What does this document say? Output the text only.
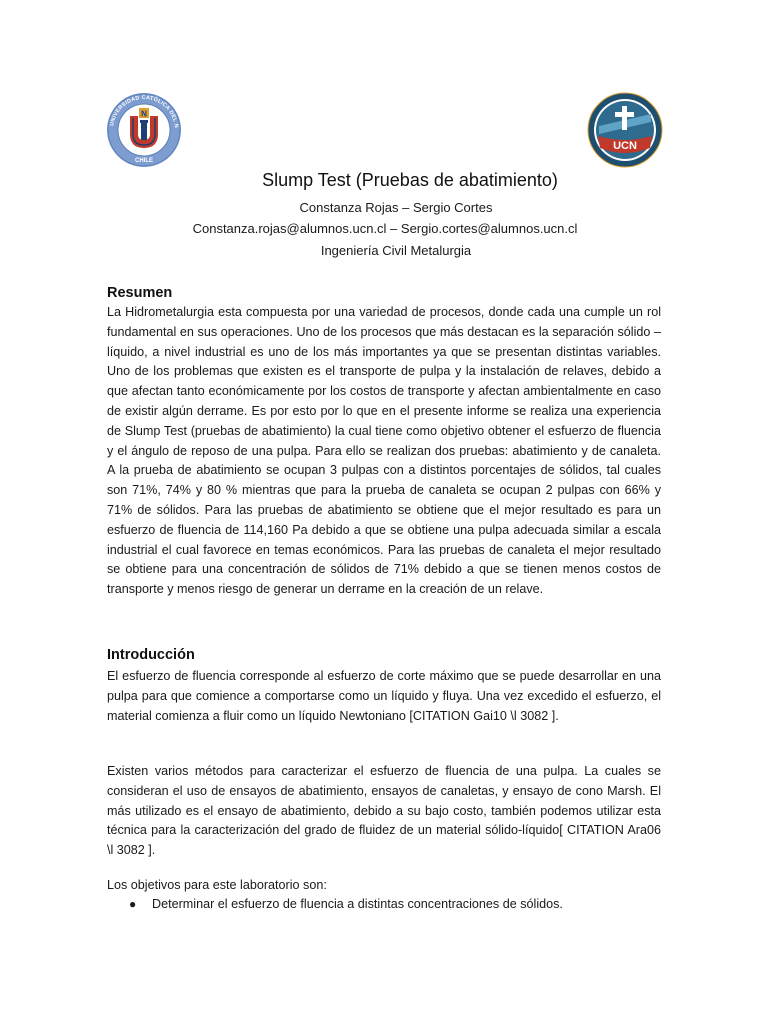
N
UNIVERSIDAD CATÓLICA DEL N
CHILE
UCN
Slump Test (Pruebas de abatimiento)
Constanza Rojas – Sergio Cortes
Constanza.rojas@alumnos.ucn.cl – Sergio.cortes@alumnos.ucn.cl
Ingeniería Civil Metalurgia
Resumen

La Hidrometalurgia esta compuesta por una variedad de procesos, donde cada una cumple un rol fundamental en sus operaciones. Uno de los procesos que más destacan es la separación sólido – líquido, a nivel industrial es uno de los más importantes ya que se presentan distintas variables. Uno de los problemas que existen es el transporte de pulpa y la instalación de relaves, debido a que afectan tanto económicamente por los costos de transporte y afectan ambientalmente en caso de existir algún derrame. Es por esto por lo que en el presente informe se realiza una experiencia de Slump Test (pruebas de abatimiento) la cual tiene como objetivo obtener el esfuerzo de fluencia y el ángulo de reposo de una pulpa. Para ello se realizan dos pruebas: abatimiento y de canaleta. A la prueba de abatimiento se ocupan 3 pulpas con a distintos porcentajes de sólidos, tal cuales son 71%, 74% y 80 % mientras que para la prueba de canaleta se ocupan 2 pulpas con 66% y 71% de sólidos. Para las pruebas de abatimiento se obtiene que el mejor resultado es para un esfuerzo de fluencia de 114,160 Pa debido a que se obtiene una pulpa adecuada similar a escala industrial el cual favorece en temas económicos. Para las pruebas de canaleta el mejor resultado se obtiene para una concentración de sólidos de 71% debido a que se tienen menos costos de transporte y menos riesgo de generar un derrame en la creación de un relave.

Introducción

El esfuerzo de fluencia corresponde al esfuerzo de corte máximo que se puede desarrollar en una pulpa para que comience a comportarse como un líquido y fluya. Una vez excedido el esfuerzo, el material comienza a fluir como un líquido Newtoniano [CITATION Gai10 \l 3082 ].

Existen varios métodos para caracterizar el esfuerzo de fluencia de una pulpa. La cuales se consideran el uso de ensayos de abatimiento, ensayos de canaletas, y ensayo de cono Marsh. El más utilizado es el ensayo de abatimiento, debido a su bajo costo, también podemos utilizar esta técnica para la caracterización del grado de fluidez de un material sólido-líquido[ CITATION Ara06 \l 3082 ].

Los objetivos para este laboratorio son:

● Determinar el esfuerzo de fluencia a distintas concentraciones de sólidos.
